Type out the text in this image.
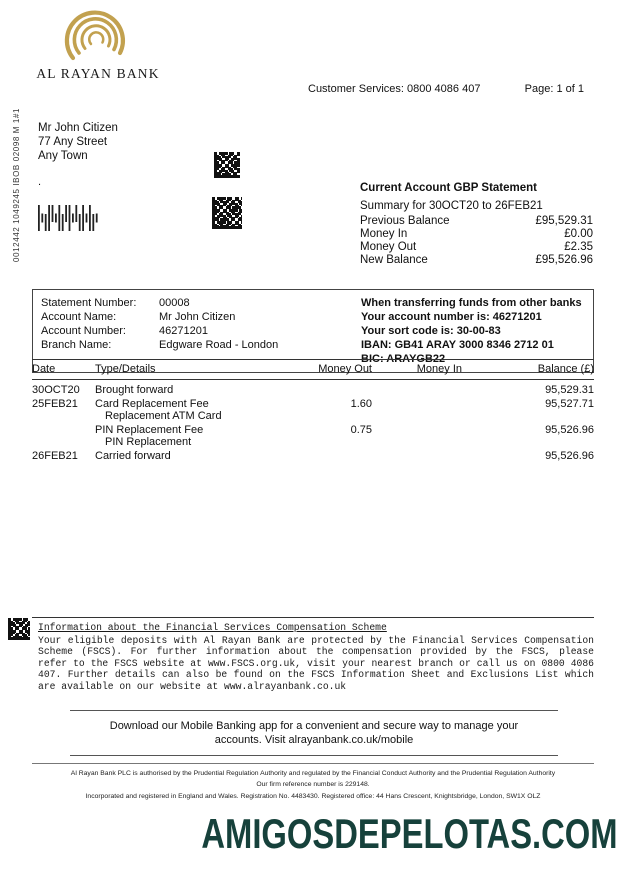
0012442 1049245 IBOB 02098 M 1#1
AL RAYAN BANK
Customer Services: 0800 4086 407	Page: 1 of 1
Mr John Citizen
77 Any Street
Any Town
.	Current Account GBP Statement
Summary for 30OCT20 to 26FEB21
Previous Balance	£95,529.31
Money In	£0.00
Money Out	£2.35
New Balance	£95,526.96
Statement Number:	00008
Account Name:	Mr John Citizen
Account Number:	46271201
Branch Name:	Edgware Road - London
When transferring funds from other banks
Your account number is: 46271201
Your sort code is: 30-00-83
IBAN: GB41 ARAY 3000 8346 2712 01
BIC: ARAYGB22
Date	Type/Details	Money Out	Money In	Balance (£)
30OCT20	Brought forward			95,529.31
25FEB21	Card Replacement Fee
Replacement ATM Card	1.60		95,527.71

	PIN Replacement Fee
PIN Replacement	0.75		95,526.96
26FEB21	Carried forward			95,526.96
Information about the Financial Services Compensation Scheme
Your eligible deposits with Al Rayan Bank are protected by the Financial Services Compensation Scheme (FSCS). For further information about the compensation provided by the FSCS, please refer to the FSCS website at www.FSCS.org.uk, visit your nearest branch or call us on 0800 4086 407. Further details can also be found on the FSCS Information Sheet and Exclusions List which are available on our website at www.alrayanbank.co.uk
Download our Mobile Banking app for a convenient and secure way to manage your accounts. Visit alrayanbank.co.uk/mobile
Al Rayan Bank PLC is authorised by the Prudential Regulation Authority and regulated by the Financial Conduct Authority and the Prudential Regulation Authority
Our firm reference number is 229148.
Incorporated and registered in England and Wales. Registration No. 4483430. Registered office: 44 Hans Crescent, Knightsbridge, London, SW1X OLZ
AMIGOSDEPELOTAS.COM
